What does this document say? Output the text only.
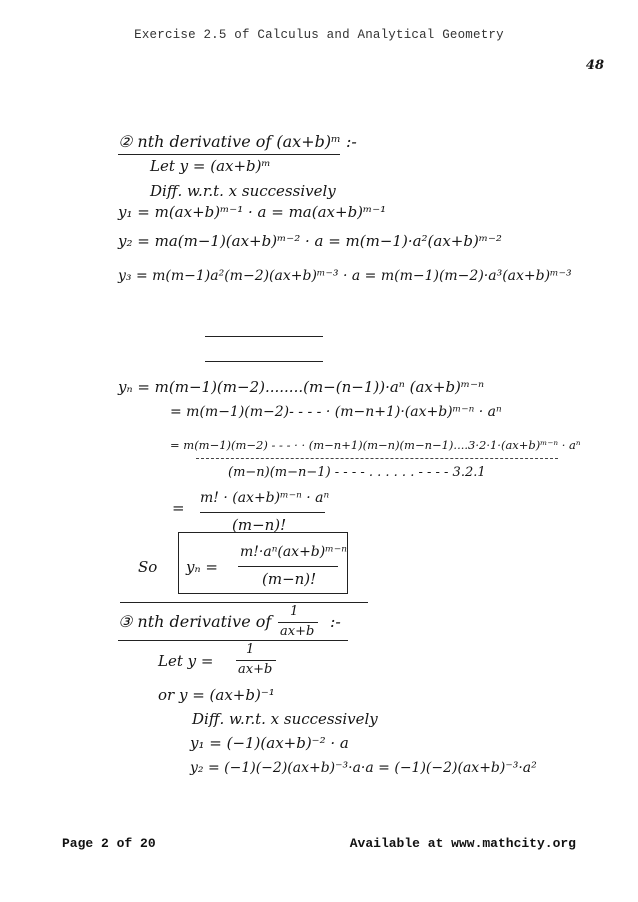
Exercise 2.5 of Calculus and Analytical Geometry
48
② nth derivative of (ax+b)ᵐ :-
Let y = (ax+b)ᵐ
Diff. w.r.t. x successively
y₁ = m(ax+b)ᵐ⁻¹ · a = ma(ax+b)ᵐ⁻¹
y₂ = ma(m−1)(ax+b)ᵐ⁻² · a = m(m−1)·a²(ax+b)ᵐ⁻²
y₃ = m(m−1)a²(m−2)(ax+b)ᵐ⁻³ · a = m(m−1)(m−2)·a³(ax+b)ᵐ⁻³
yₙ = m(m−1)(m−2)........(m−(n−1))·aⁿ (ax+b)ᵐ⁻ⁿ
= m(m−1)(m−2)- - - - · (m−n+1)·(ax+b)ᵐ⁻ⁿ · aⁿ
= m(m−1)(m−2) - - - · · (m−n+1)(m−n)(m−n−1)....3·2·1·(ax+b)ᵐ⁻ⁿ · aⁿ
(m−n)(m−n−1) - - - - . . . . . . - - - - 3.2.1
m! · (ax+b)ᵐ⁻ⁿ · aⁿ
=
(m−n)!
So yₙ =
m!·aⁿ(ax+b)ᵐ⁻ⁿ
(m−n)!
③ nth derivative of
1
ax+b
:-
Let y =
1
ax+b
or y = (ax+b)⁻¹
Diff. w.r.t. x successively
y₁ = (−1)(ax+b)⁻² · a
y₂ = (−1)(−2)(ax+b)⁻³·a·a = (−1)(−2)(ax+b)⁻³·a²
Page 2 of 20	Available at www.mathcity.org
